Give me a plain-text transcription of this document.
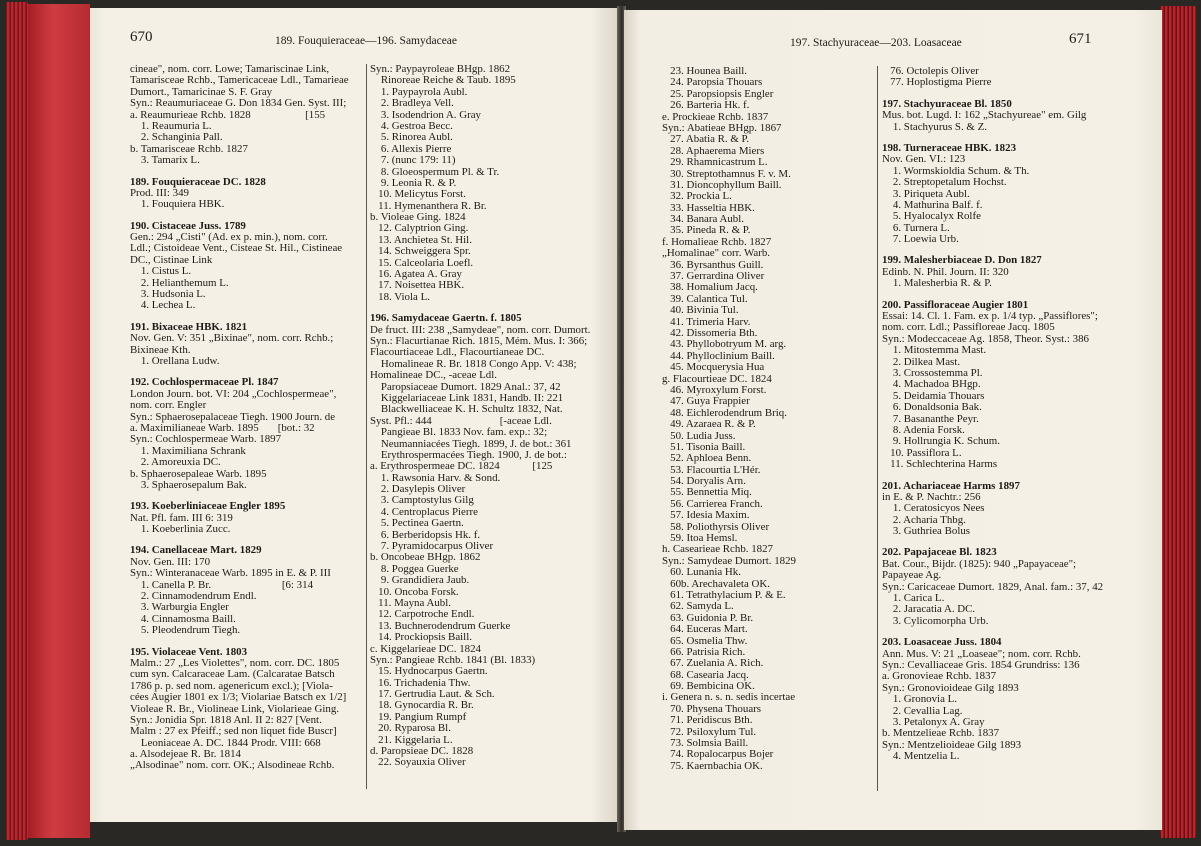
670	189. Fouquieraceae—196. Samydaceae
cineae", nom. corr. Lowe; Tamariscinae Link,
Tamarisceae Rchb., Tamericaceae Ldl., Tamarieae
Dumort., Tamaricinae S. F. Gray
Syn.: Reaumuriaceae G. Don 1834 Gen. Syst. III;
a. Reaumurieae Rchb. 1828                    [155
1. Reaumuria L.
2. Schanginia Pall.
b. Tamarisceae Rchb. 1827
3. Tamarix L.
189. Fouquieraceae DC. 1828
Prod. III: 349
1. Fouquiera HBK.
190. Cistaceae Juss. 1789
Gen.: 294 „Cisti" (Ad. ex p. min.), nom. corr.
Ldl.; Cistoideae Vent., Cisteae St. Hil., Cistineae
DC., Cistinae Link
1. Cistus L.
2. Helianthemum L.
3. Hudsonia L.
4. Lechea L.
191. Bixaceae HBK. 1821
Nov. Gen. V: 351 „Bixinae", nom. corr. Rchb.;
Bixineae Kth.
1. Orellana Ludw.
192. Cochlospermaceae Pl. 1847
London Journ. bot. VI: 204 „Cochlospermeae",
nom. corr. Engler
Syn.: Sphaerosepalaceae Tiegh. 1900 Journ. de
a. Maximilianeae Warb. 1895       [bot.: 32
Syn.: Cochlospermeae Warb. 1897
1. Maximiliana Schrank
2. Amoreuxia DC.
b. Sphaerosepaleae Warb. 1895
3. Sphaerosepalum Bak.
193. Koeberliniaceae Engler 1895
Nat. Pfl. fam. III 6: 319
1. Koeberlinia Zucc.
194. Canellaceae Mart. 1829
Nov. Gen. III: 170
Syn.: Winteranaceae Warb. 1895 in E. & P. III
1. Canella P. Br.                          [6: 314
2. Cinnamodendrum Endl.
3. Warburgia Engler
4. Cinnamosma Baill.
5. Pleodendrum Tiegh.
195. Violaceae Vent. 1803
Malm.: 27 „Les Violettes", nom. corr. DC. 1805
cum syn. Calcaraceae Lam. (Calcaratae Batsch
1786 p. p. sed nom. agenericum excl.); [Viola-
cées Augier 1801 ex 1/3; Violariae Batsch ex 1/2]
Violeae R. Br., Violineae Link, Violarieae Ging.
Syn.: Jonidia Spr. 1818 Anl. II 2: 827 [Vent.
Malm : 27 ex Pfeiff.; sed non liquet fide Buscr]
Leoniaceae A. DC. 1844 Prodr. VIII: 668
a. Alsodejeae R. Br. 1814
„Alsodinae" nom. corr. OK.; Alsodineae Rchb.
Syn.: Paypayroleae BHgp. 1862
Rinoreae Reiche & Taub. 1895
1. Paypayrola Aubl.
2. Bradleya Vell.
3. Isodendrion A. Gray
4. Gestroa Becc.
5. Rinorea Aubl.
6. Allexis Pierre
7. (nunc 179: 11)
8. Gloeospermum Pl. & Tr.
9. Leonia R. & P.
10. Melicytus Forst.
11. Hymenanthera R. Br.
b. Violeae Ging. 1824
12. Calyptrion Ging.
13. Anchietea St. Hil.
14. Schweiggera Spr.
15. Calceolaria Loefl.
16. Agatea A. Gray
17. Noisettea HBK.
18. Viola L.
196. Samydaceae Gaertn. f. 1805
De fruct. III: 238 „Samydeae", nom. corr. Dumort.
Syn.: Flacurtianae Rich. 1815, Mém. Mus. I: 366;
Flacourtiaceae Ldl., Flacourtianeae DC.
Homalineae R. Br. 1818 Congo App. V: 438;
Homalineae DC., -aceae Ldl.
Paropsiaceae Dumort. 1829 Anal.: 37, 42
Kiggelariaceae Link 1831, Handb. II: 221
Blackwelliaceae K. H. Schultz 1832, Nat.
Syst. Pfl.: 444                         [-aceae Ldl.
Pangieae Bl. 1833 Nov. fam. exp.: 32;
Neumanniacées Tiegh. 1899, J. de bot.: 361
Erythrospermacées Tiegh. 1900, J. de bot.:
a. Erythrospermeae DC. 1824            [125
1. Rawsonia Harv. & Sond.
2. Dasylepis Oliver
3. Camptostylus Gilg
4. Centroplacus Pierre
5. Pectinea Gaertn.
6. Berberidopsis Hk. f.
7. Pyramidocarpus Oliver
b. Oncobeae BHgp. 1862
8. Poggea Guerke
9. Grandidiera Jaub.
10. Oncoba Forsk.
11. Mayna Aubl.
12. Carpotroche Endl.
13. Buchnerodendrum Guerke
14. Prockiopsis Baill.
c. Kiggelarieae DC. 1824
Syn.: Pangieae Rchb. 1841 (Bl. 1833)
15. Hydnocarpus Gaertn.
16. Trichadenia Thw.
17. Gertrudia Laut. & Sch.
18. Gynocardia R. Br.
19. Pangium Rumpf
20. Ryparosa Bl.
21. Kiggelaria L.
d. Paropsieae DC. 1828
22. Soyauxia Oliver
197. Stachyuraceae—203. Loasaceae	671
23. Hounea Baill.
24. Paropsia Thouars
25. Paropsiopsis Engler
26. Barteria Hk. f.
e. Prockieae Rchb. 1837
Syn.: Abatieae BHgp. 1867
27. Abatia R. & P.
28. Aphaerema Miers
29. Rhamnicastrum L.
30. Streptothamnus F. v. M.
31. Dioncophyllum Baill.
32. Prockia L.
33. Hasseltia HBK.
34. Banara Aubl.
35. Pineda R. & P.
f. Homalieae Rchb. 1827
„Homalinae" corr. Warb.
36. Byrsanthus Guill.
37. Gerrardina Oliver
38. Homalium Jacq.
39. Calantica Tul.
40. Bivinia Tul.
41. Trimeria Harv.
42. Dissomeria Bth.
43. Phyllobotryum M. arg.
44. Phylloclinium Baill.
45. Mocquerysia Hua
g. Flacourtieae DC. 1824
46. Myroxylum Forst.
47. Guya Frappier
48. Eichlerodendrum Briq.
49. Azaraea R. & P.
50. Ludia Juss.
51. Tisonia Baill.
52. Aphloea Benn.
53. Flacourtia L'Hér.
54. Doryalis Arn.
55. Bennettia Miq.
56. Carrierea Franch.
57. Idesia Maxim.
58. Poliothyrsis Oliver
59. Itoa Hemsl.
h. Casearieae Rchb. 1827
Syn.: Samydeae Dumort. 1829
60. Lunania Hk.
60b. Arechavaleta OK.
61. Tetrathylacium P. & E.
62. Samyda L.
63. Guidonia P. Br.
64. Euceras Mart.
65. Osmelia Thw.
66. Patrisia Rich.
67. Zuelania A. Rich.
68. Casearia Jacq.
69. Bembicina OK.
i. Genera n. s. n. sedis incertae
70. Physena Thouars
71. Peridiscus Bth.
72. Psiloxylum Tul.
73. Solmsia Baill.
74. Ropalocarpus Bojer
75. Kaernbachia OK.
76. Octolepis Oliver
77. Hoplostigma Pierre
197. Stachyuraceae Bl. 1850
Mus. bot. Lugd. I: 162 „Stachyureae" em. Gilg
1. Stachyurus S. & Z.
198. Turneraceae HBK. 1823
Nov. Gen. VI.: 123
1. Wormskioldia Schum. & Th.
2. Streptopetalum Hochst.
3. Piriqueta Aubl.
4. Mathurina Balf. f.
5. Hyalocalyx Rolfe
6. Turnera L.
7. Loewia Urb.
199. Malesherbiaceae D. Don 1827
Edinb. N. Phil. Journ. II: 320
1. Malesherbia R. & P.
200. Passifloraceae Augier 1801
Essai: 14. Cl. 1. Fam. ex p. 1/4 typ. „Passiflores";
nom. corr. Ldl.; Passifloreae Jacq. 1805
Syn.: Modeccaceae Ag. 1858, Theor. Syst.: 386
1. Mitostemma Mast.
2. Dilkea Mast.
3. Crossostemma Pl.
4. Machadoa BHgp.
5. Deidamia Thouars
6. Donaldsonia Bak.
7. Basananthe Peyr.
8. Adenia Forsk.
9. Hollrungia K. Schum.
10. Passiflora L.
11. Schlechterina Harms
201. Achariaceae Harms 1897
in E. & P. Nachtr.: 256
1. Ceratosicyos Nees
2. Acharia Thbg.
3. Guthriea Bolus
202. Papajaceae Bl. 1823
Bat. Cour., Bijdr. (1825): 940 „Papayaceae";
Papayeae Ag.
Syn.: Caricaceae Dumort. 1829, Anal. fam.: 37, 42
1. Carica L.
2. Jaracatia A. DC.
3. Cylicomorpha Urb.
203. Loasaceae Juss. 1804
Ann. Mus. V: 21 „Loaseae"; nom. corr. Rchb.
Syn.: Cevalliaceae Gris. 1854 Grundriss: 136
a. Gronovieae Rchb. 1837
Syn.: Gronovioideae Gilg 1893
1. Gronovia L.
2. Cevallia Lag.
3. Petalonyx A. Gray
b. Mentzelieae Rchb. 1837
Syn.: Mentzelioideae Gilg 1893
4. Mentzelia L.
